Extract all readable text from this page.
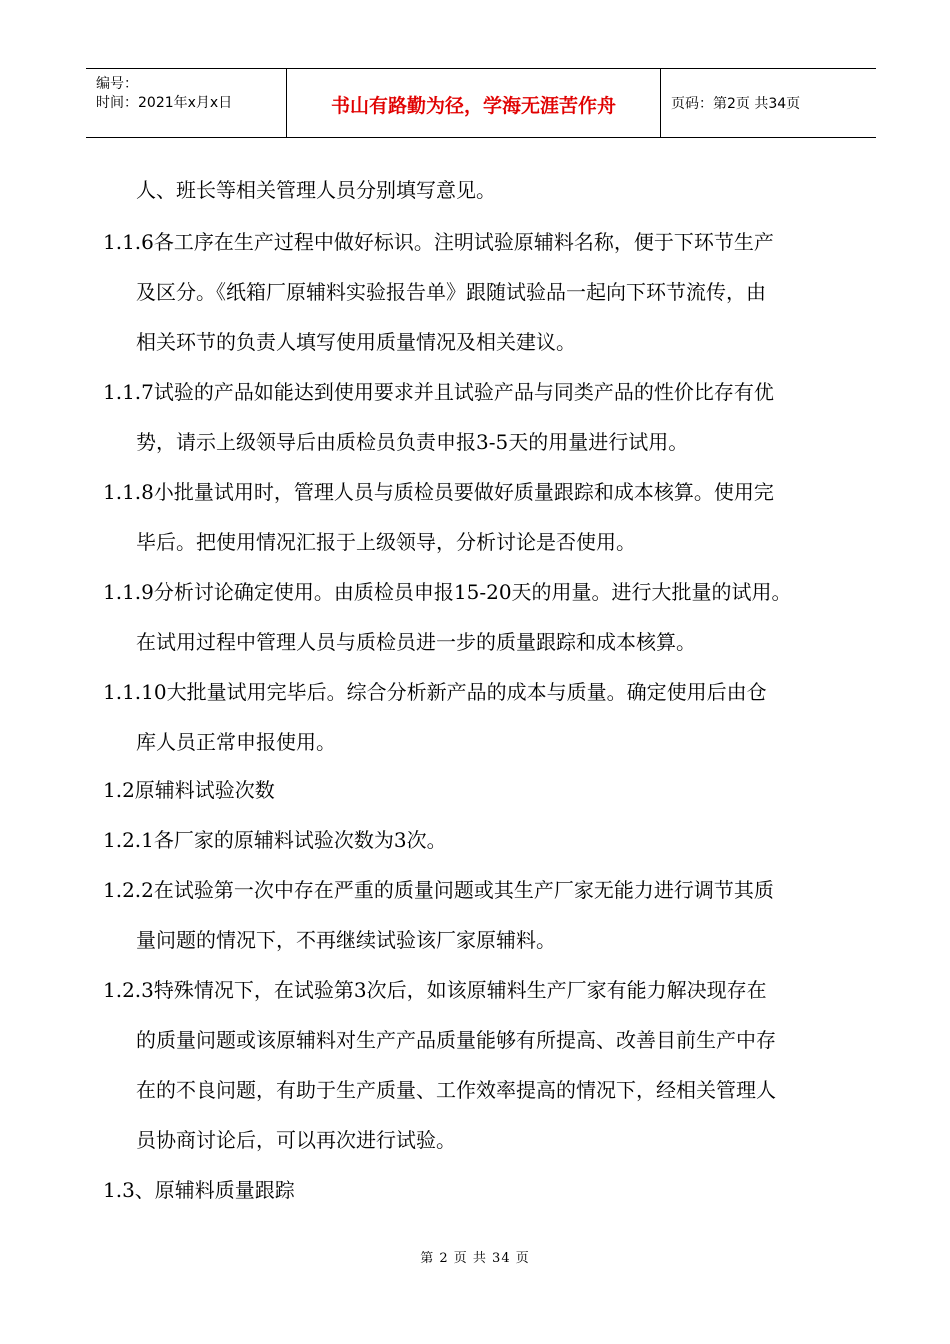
编号：
时间：2021年x月x日	书山有路勤为径，学海无涯苦作舟	页码：第2页 共34页
人、班长等相关管理人员分别填写意见。
1.1.6各工序在生产过程中做好标识。注明试验原辅料名称，便于下环节生产
及区分。《纸箱厂原辅料实验报告单》跟随试验品一起向下环节流传，由
相关环节的负责人填写使用质量情况及相关建议。
1.1.7试验的产品如能达到使用要求并且试验产品与同类产品的性价比存有优
势，请示上级领导后由质检员负责申报3-5天的用量进行试用。
1.1.8小批量试用时，管理人员与质检员要做好质量跟踪和成本核算。使用完
毕后。把使用情况汇报于上级领导，分析讨论是否使用。
1.1.9分析讨论确定使用。由质检员申报15-20天的用量。进行大批量的试用。
在试用过程中管理人员与质检员进一步的质量跟踪和成本核算。
1.1.10大批量试用完毕后。综合分析新产品的成本与质量。确定使用后由仓
库人员正常申报使用。
1.2原辅料试验次数
1.2.1各厂家的原辅料试验次数为3次。
1.2.2在试验第一次中存在严重的质量问题或其生产厂家无能力进行调节其质
量问题的情况下，不再继续试验该厂家原辅料。
1.2.3特殊情况下，在试验第3次后，如该原辅料生产厂家有能力解决现存在
的质量问题或该原辅料对生产产品质量能够有所提高、改善目前生产中存
在的不良问题，有助于生产质量、工作效率提高的情况下，经相关管理人
员协商讨论后，可以再次进行试验。
1.3、原辅料质量跟踪
第 2 页 共 34 页
